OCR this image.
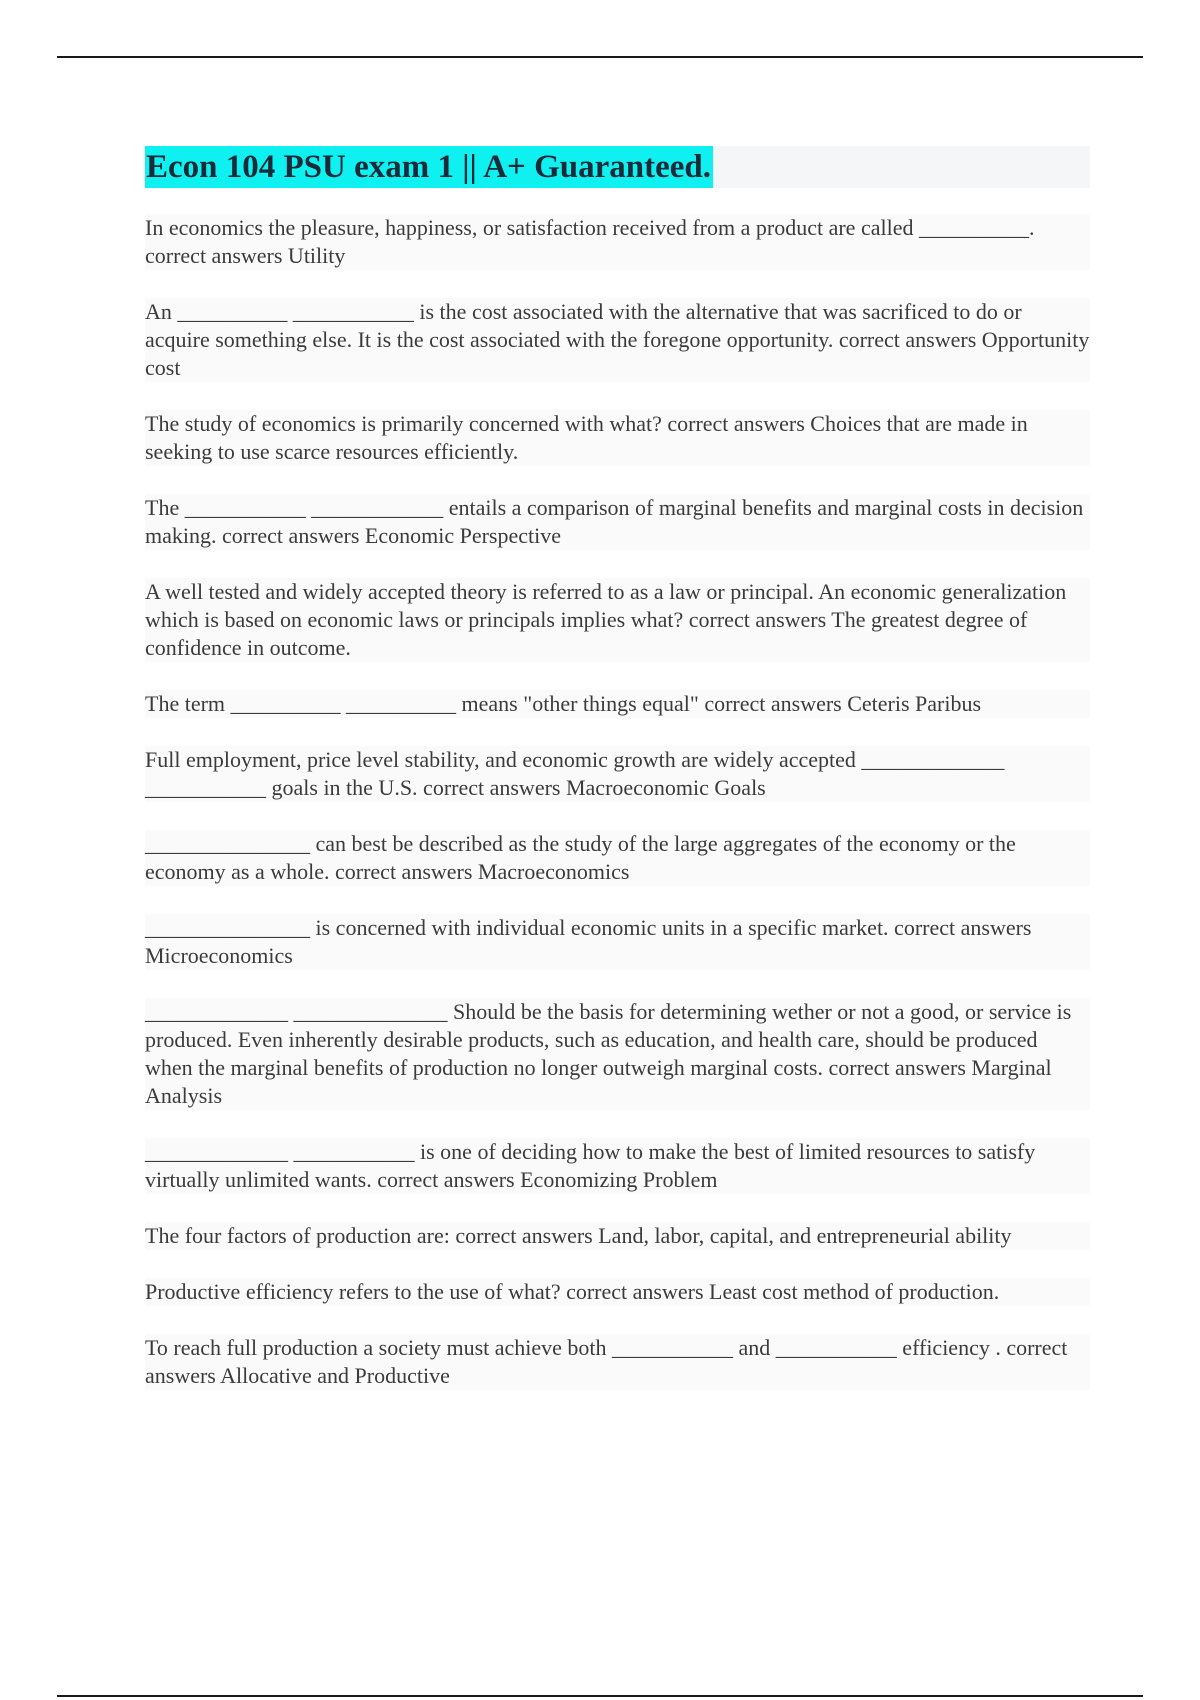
Econ 104 PSU exam 1 || A+ Guaranteed.

In economics the pleasure, happiness, or satisfaction received from a product are called __________. correct answers Utility

An __________ ___________ is the cost associated with the alternative that was sacrificed to do or acquire something else. It is the cost associated with the foregone opportunity. correct answers Opportunity cost

The study of economics is primarily concerned with what? correct answers Choices that are made in seeking to use scarce resources efficiently.

The ___________ ____________ entails a comparison of marginal benefits and marginal costs in decision making. correct answers Economic Perspective

A well tested and widely accepted theory is referred to as a law or principal. An economic generalization which is based on economic laws or principals implies what? correct answers The greatest degree of confidence in outcome.

The term __________ __________ means "other things equal" correct answers Ceteris Paribus

Full employment, price level stability, and economic growth are widely accepted _____________ ___________ goals in the U.S. correct answers Macroeconomic Goals

_______________ can best be described as the study of the large aggregates of the economy or the economy as a whole. correct answers Macroeconomics

_______________ is concerned with individual economic units in a specific market. correct answers Microeconomics

_____________ ______________ Should be the basis for determining wether or not a good, or service is produced. Even inherently desirable products, such as education, and health care, should be produced when the marginal benefits of production no longer outweigh marginal costs. correct answers Marginal Analysis

_____________ ___________ is one of deciding how to make the best of limited resources to satisfy virtually unlimited wants. correct answers Economizing Problem

The four factors of production are: correct answers Land, labor, capital, and entrepreneurial ability

Productive efficiency refers to the use of what? correct answers Least cost method of production.

To reach full production a society must achieve both ___________ and ___________ efficiency . correct answers Allocative and Productive
